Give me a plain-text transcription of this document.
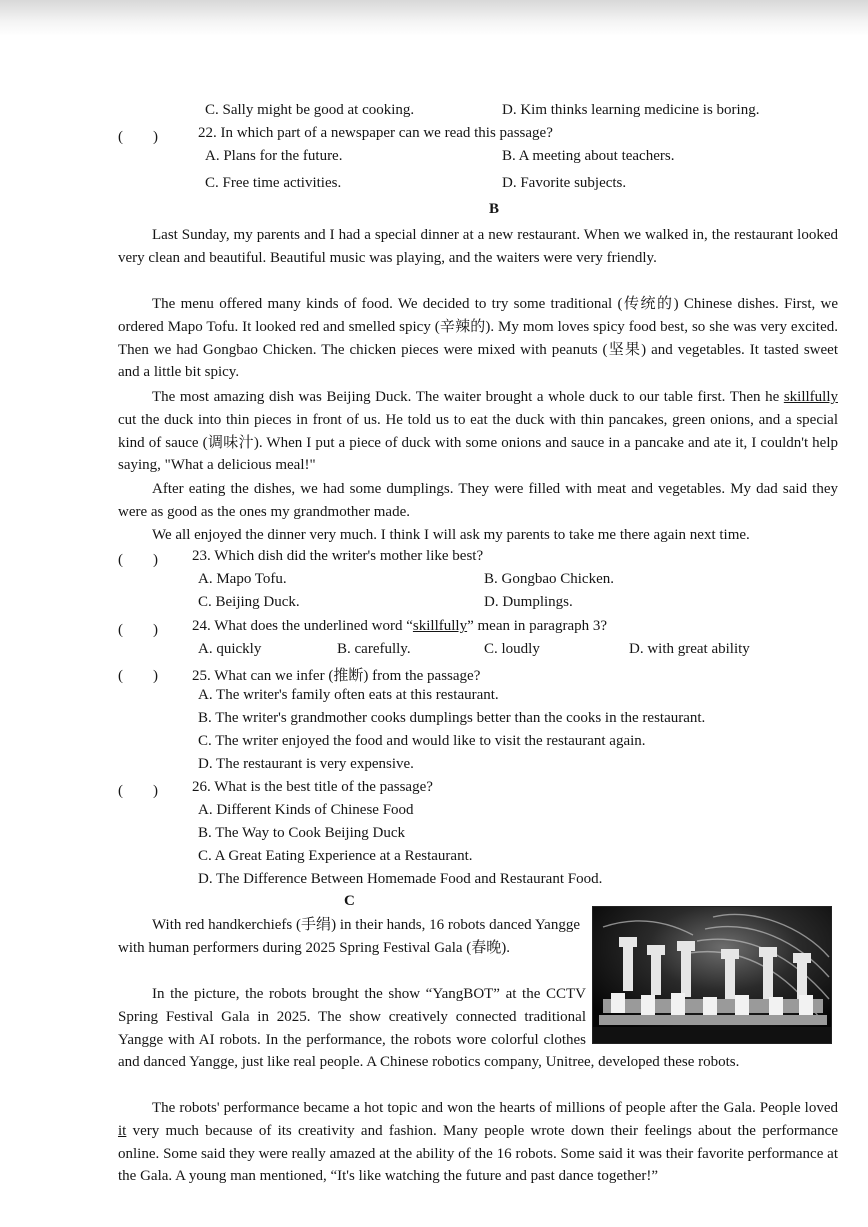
C. Sally might be good at cooking.	D. Kim thinks learning medicine is boring.
(　　)	22. In which part of a newspaper can we read this passage?
A. Plans for the future.	B. A meeting about teachers.
C. Free time activities.	D. Favorite subjects.
B
Last Sunday, my parents and I had a special dinner at a new restaurant. When we walked in, the restaurant looked very clean and beautiful. Beautiful music was playing, and the waiters were very friendly.
The menu offered many kinds of food. We decided to try some traditional (传统的) Chinese dishes. First, we ordered Mapo Tofu. It looked red and smelled spicy (辛辣的). My mom loves spicy food best, so she was very excited. Then we had Gongbao Chicken. The chicken pieces were mixed with peanuts (坚果) and vegetables. It tasted sweet and a little bit spicy.
The most amazing dish was Beijing Duck. The waiter brought a whole duck to our table first. Then he skillfully cut the duck into thin pieces in front of us. He told us to eat the duck with thin pancakes, green onions, and a special kind of sauce (调味汁). When I put a piece of duck with some onions and sauce in a pancake and ate it, I couldn't help saying, "What a delicious meal!"
After eating the dishes, we had some dumplings. They were filled with meat and vegetables. My dad said they were as good as the ones my grandmother made.
We all enjoyed the dinner very much. I think I will ask my parents to take me there again next time.
(　　) 23. Which dish did the writer's mother like best?
A. Mapo Tofu.	B. Gongbao Chicken.
C. Beijing Duck.	D. Dumplings.
(　　) 24. What does the underlined word “skillfully” mean in paragraph 3?
A. quickly	B. carefully.	C. loudly	D. with great ability
(　　) 25. What can we infer (推断) from the passage?
A. The writer's family often eats at this restaurant.
B. The writer's grandmother cooks dumplings better than the cooks in the restaurant.
C. The writer enjoyed the food and would like to visit the restaurant again.
D. The restaurant is very expensive.
(　　) 26. What is the best title of the passage?
A. Different Kinds of Chinese Food
B. The Way to Cook Beijing Duck
C. A Great Eating Experience at a Restaurant.
D. The Difference Between Homemade Food and Restaurant Food.
C
With red handkerchiefs (手绢) in their hands, 16 robots danced Yangge with human performers during 2025 Spring Festival Gala (春晚).
In the picture, the robots brought the show “YangBOT” at the CCTV Spring Festival Gala in 2025. The show creatively connected traditional Yangge with AI robots. In the performance, the robots wore colorful clothes and danced Yangge, just like real people. A Chinese robotics company, Unitree, developed these robots.
The robots' performance became a hot topic and won the hearts of millions of people after the Gala. People loved it very much because of its creativity and fashion. Many people wrote down their feelings about the performance online. Some said they were really amazed at the ability of the 16 robots. Some said it was their favorite performance at the Gala. A young man mentioned, “It's like watching the future and past dance together!”
